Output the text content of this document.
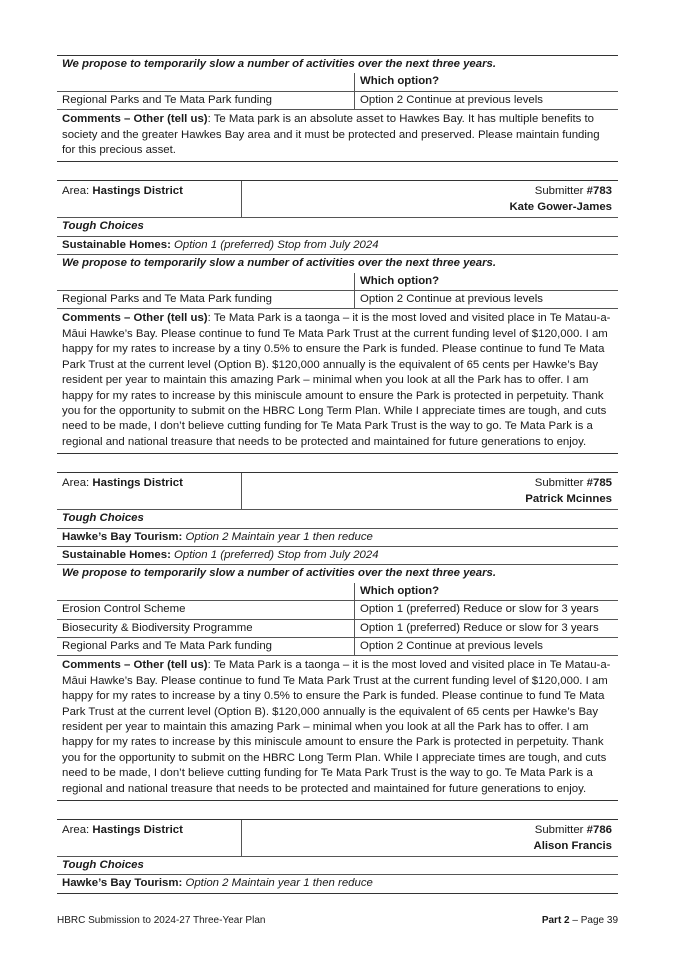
We propose to temporarily slow a number of activities over the next three years.
Which option?
Regional Parks and Te Mata Park funding	Option 2 Continue at previous levels
Comments – Other (tell us): Te Mata park is an absolute asset to Hawkes Bay. It has multiple benefits to society and the greater Hawkes Bay area and it must be protected and preserved. Please maintain funding for this precious asset.
Area: Hastings District	Submitter #783
Kate Gower-James
Tough Choices
Sustainable Homes: Option 1 (preferred) Stop from July 2024
We propose to temporarily slow a number of activities over the next three years.
Which option?
Regional Parks and Te Mata Park funding	Option 2 Continue at previous levels
Comments – Other (tell us): Te Mata Park is a taonga – it is the most loved and visited place in Te Matau-a-Māui Hawke’s Bay. Please continue to fund Te Mata Park Trust at the current funding level of $120,000. I am happy for my rates to increase by a tiny 0.5% to ensure the Park is funded. Please continue to fund Te Mata Park Trust at the current level (Option B). $120,000 annually is the equivalent of 65 cents per Hawke’s Bay resident per year to maintain this amazing Park – minimal when you look at all the Park has to offer. I am happy for my rates to increase by this miniscule amount to ensure the Park is protected in perpetuity. Thank you for the opportunity to submit on the HBRC Long Term Plan. While I appreciate times are tough, and cuts need to be made, I don’t believe cutting funding for Te Mata Park Trust is the way to go. Te Mata Park is a regional and national treasure that needs to be protected and maintained for future generations to enjoy.
Area: Hastings District	Submitter #785
Patrick Mcinnes
Tough Choices
Hawke’s Bay Tourism: Option 2 Maintain year 1 then reduce
Sustainable Homes: Option 1 (preferred) Stop from July 2024
We propose to temporarily slow a number of activities over the next three years.
Which option?
Erosion Control Scheme	Option 1 (preferred) Reduce or slow for 3 years
Biosecurity & Biodiversity Programme	Option 1 (preferred) Reduce or slow for 3 years
Regional Parks and Te Mata Park funding	Option 2 Continue at previous levels
Comments – Other (tell us): Te Mata Park is a taonga – it is the most loved and visited place in Te Matau-a-Māui Hawke’s Bay. Please continue to fund Te Mata Park Trust at the current funding level of $120,000. I am happy for my rates to increase by a tiny 0.5% to ensure the Park is funded. Please continue to fund Te Mata Park Trust at the current level (Option B). $120,000 annually is the equivalent of 65 cents per Hawke’s Bay resident per year to maintain this amazing Park – minimal when you look at all the Park has to offer. I am happy for my rates to increase by this miniscule amount to ensure the Park is protected in perpetuity. Thank you for the opportunity to submit on the HBRC Long Term Plan. While I appreciate times are tough, and cuts need to be made, I don’t believe cutting funding for Te Mata Park Trust is the way to go. Te Mata Park is a regional and national treasure that needs to be protected and maintained for future generations to enjoy.
Area: Hastings District	Submitter #786
Alison Francis
Tough Choices
Hawke’s Bay Tourism: Option 2 Maintain year 1 then reduce
HBRC Submission to 2024-27 Three-Year Plan	Part 2 – Page 39
